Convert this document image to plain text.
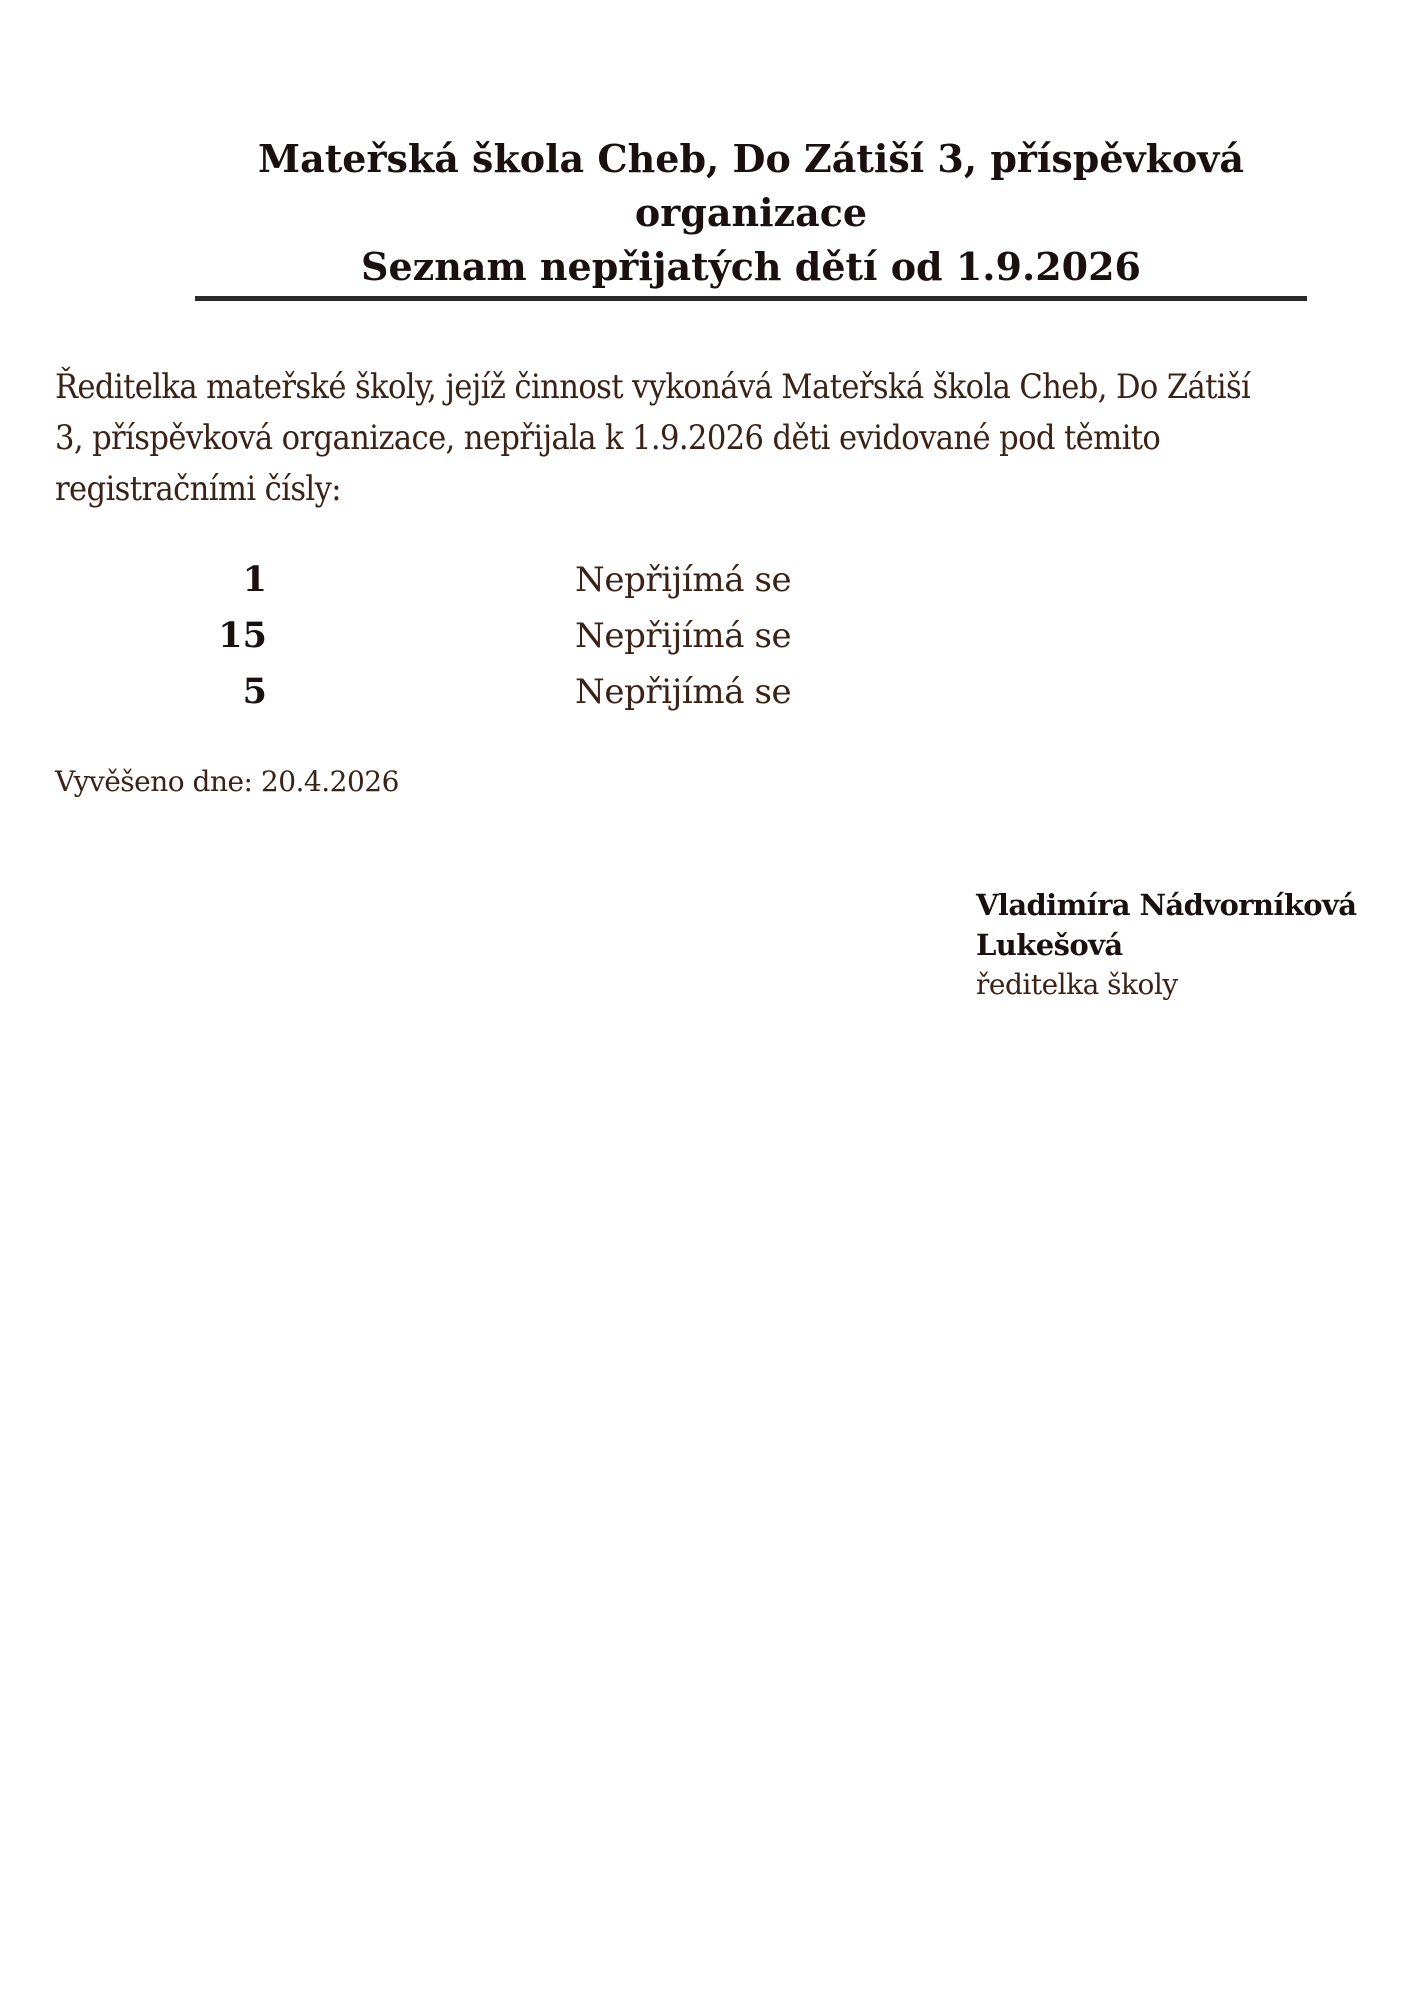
Mateřská škola Cheb, Do Zátiší 3, příspěvková
organizace
Seznam nepřijatých dětí od 1.9.2026
Ředitelka mateřské školy, jejíž činnost vykonává Mateřská škola Cheb, Do Zátiší
3, příspěvková organizace, nepřijala k 1.9.2026 děti evidované pod těmito
registračními čísly:
1	Nepřijímá se
15	Nepřijímá se
5	Nepřijímá se
Vyvěšeno dne: 20.4.2026
Vladimíra Nádvorníková
Lukešová
ředitelka školy
